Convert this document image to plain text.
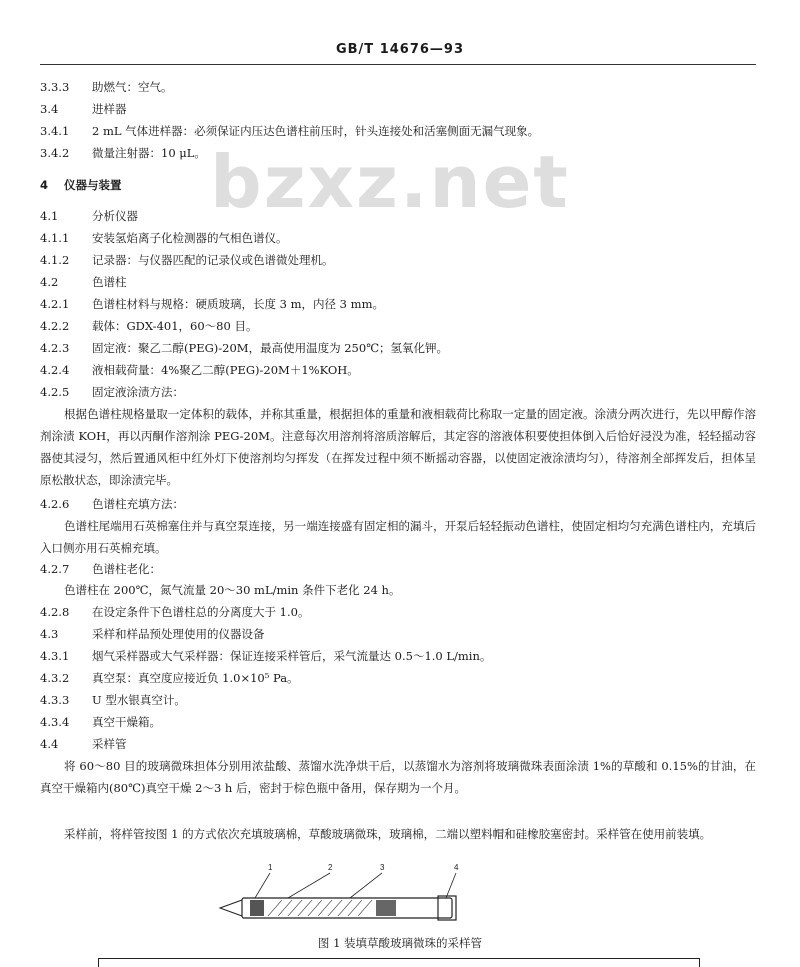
GB/T 14676—93
bzxz.net
3.3.3 助燃气：空气。
3.4	进样器
3.4.1 2 mL 气体进样器：必须保证内压达色谱柱前压时，针头连接处和活塞侧面无漏气现象。
3.4.2 微量注射器：10 μL。
4 仪器与装置
4.1	分析仪器
4.1.1 安装氢焰离子化检测器的气相色谱仪。
4.1.2 记录器：与仪器匹配的记录仪或色谱微处理机。
4.2	色谱柱
4.2.1 色谱柱材料与规格：硬质玻璃，长度 3 m，内径 3 mm。
4.2.2 载体：GDX-401，60～80 目。
4.2.3 固定液：聚乙二醇(PEG)-20M，最高使用温度为 250℃；氢氧化钾。
4.2.4 液相载荷量：4%聚乙二醇(PEG)-20M＋1%KOH。
4.2.5 固定液涂渍方法：
根据色谱柱规格量取一定体积的载体，并称其重量，根据担体的重量和液相载荷比称取一定量的固定液。涂渍分两次进行，先以甲醇作溶剂涂渍 KOH，再以丙酮作溶剂涂 PEG-20M。注意每次用溶剂将溶质溶解后，其定容的溶液体积要使担体倒入后恰好浸没为准，轻轻摇动容器使其浸匀，然后置通风柜中红外灯下使溶剂均匀挥发（在挥发过程中须不断摇动容器，以使固定液涂渍均匀），待溶剂全部挥发后，担体呈原松散状态，即涂渍完毕。
4.2.6 色谱柱充填方法：
色谱柱尾端用石英棉塞住并与真空泵连接，另一端连接盛有固定相的漏斗，开泵后轻轻振动色谱柱，使固定相均匀充满色谱柱内，充填后入口侧亦用石英棉充填。
4.2.7 色谱柱老化：
色谱柱在 200℃，氮气流量 20～30 mL/min 条件下老化 24 h。
4.2.8 在设定条件下色谱柱总的分离度大于 1.0。
4.3	采样和样品预处理使用的仪器设备
4.3.1 烟气采样器或大气采样器：保证连接采样管后，采气流量达 0.5～1.0 L/min。
4.3.2 真空泵：真空度应接近负 1.0×10⁵ Pa。
4.3.3 U 型水银真空计。
4.3.4 真空干燥箱。
4.4	采样管
将 60～80 目的玻璃微珠担体分别用浓盐酸、蒸馏水洗净烘干后，以蒸馏水为溶剂将玻璃微珠表面涂渍 1%的草酸和 0.15%的甘油，在真空干燥箱内(80℃)真空干燥 2～3 h 后，密封于棕色瓶中备用，保存期为一个月。
采样前，将样管按图 1 的方式依次充填玻璃棉，草酸玻璃微珠，玻璃棉，二端以塑料帽和硅橡胶塞密封。采样管在使用前装填。
1	2	3	4
图 1 装填草酸玻璃微珠的采样管
